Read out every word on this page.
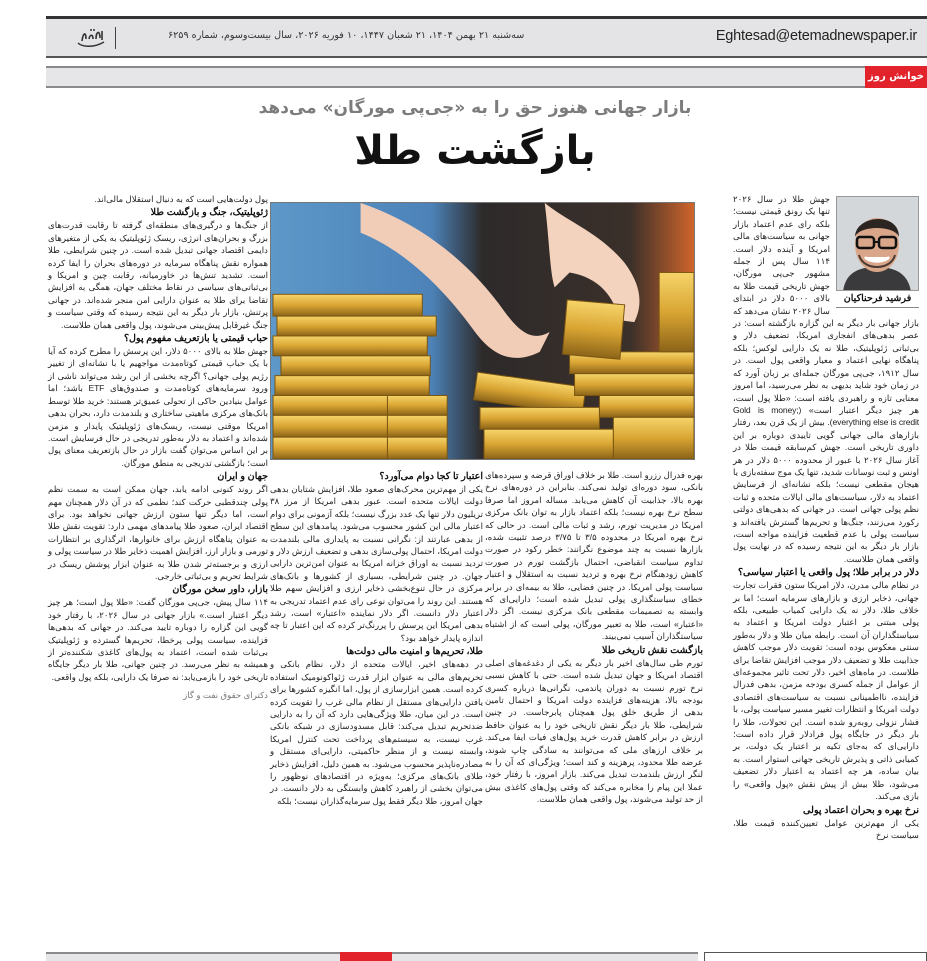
Eghtesad@etemadnewspaper.ir
سه‌شنبه ۲۱ بهمن ۱۴۰۴، ۲۱ شعبان ۱۴۴۷، ۱۰ فوریه ۲۰۲۶، سال بیست‌وسوم، شماره ۶۲۵۹
خوانش روز
بازار جهانی هنوز حق را به «جی‌پی مورگان» می‌دهد
بازگشت طلا
فرشید فرحناکیان

جهش طلا در سال ۲۰۲۶ تنها یک رونق قیمتی نیست؛ بلکه رای عدم اعتماد بازار جهانی به سیاست‌های مالی امریکا و آینده دلار است. ۱۱۴ سال پس از جمله مشهور جی‌پی مورگان، جهش تاریخی قیمت طلا به بالای ۵۰۰۰ دلار در ابتدای سال ۲۰۲۶ نشان می‌دهد که بازار جهانی بار دیگر به این گزاره بازگشته است: در عصر بدهی‌های انفجاری امریکا، تضعیف دلار و بی‌ثباتی ژئوپلیتیک، طلا نه یک دارایی لوکس؛ بلکه پناهگاه نهایی اعتماد و معیار واقعی پول است. در سال ۱۹۱۲، جی‌پی مورگان جمله‌ای بر زبان آورد که در زمان خود شاید بدیهی به نظر می‌رسید، اما امروز معنایی تازه و راهبردی یافته است: «طلا پول است، هر چیز دیگر اعتبار است» (Gold is money; everything else is credit). بیش از یک قرن بعد، رفتار بازارهای مالی جهانی گویی تاییدی دوباره بر این داوری تاریخی است. جهش کم‌سابقه قیمت طلا در آغاز سال ۲۰۲۶ با عبور از محدوده ۵۰۰۰ دلار در هر اونس و ثبت نوسانات شدید، تنها یک موج سفته‌بازی یا هیجان مقطعی نیست؛ بلکه نشانه‌ای از فرسایش اعتماد به دلار، سیاست‌های مالی ایالات متحده و ثبات نظم پولی جهانی است. در جهانی که بدهی‌های دولتی رکورد می‌زنند، جنگ‌ها و تحریم‌ها گسترش یافته‌اند و سیاست پولی با عدم قطعیت فزاینده مواجه است، بازار بار دیگر به این نتیجه رسیده که در نهایت پول واقعی همان طلاست.

دلار در برابر طلا؛ پول واقعی یا اعتبار سیاسی؟

در نظام مالی مدرن، دلار امریکا ستون فقرات تجارت جهانی، ذخایر ارزی و بازارهای سرمایه است؛ اما بر خلاف طلا، دلار نه یک دارایی کمیاب طبیعی، بلکه پولی مبتنی بر اعتبار دولت امریکا و اعتماد به سیاستگذاران آن است. رابطه میان طلا و دلار به‌طور سنتی معکوس بوده است: تقویت دلار موجب کاهش جذابیت طلا و تضعیف دلار موجب افزایش تقاضا برای طلاست. در ماه‌های اخیر، دلار تحت تاثیر مجموعه‌ای از عوامل از جمله کسری بودجه مزمن، بدهی فدرال فزاینده، نااطمینانی نسبت به سیاست‌های اقتصادی دولت امریکا و انتظارات تغییر مسیر سیاست پولی، با فشار نزولی روبه‌رو شده است. این تحولات، طلا را بار دیگر در جایگاه پول فرادلار قرار داده است؛ دارایی‌ای که به‌جای تکیه بر اعتبار یک دولت، بر کمیابی ذاتی و پذیرش تاریخی جهانی استوار است. به بیان ساده، هر چه اعتماد به اعتبار دلار تضعیف می‌شود، طلا بیش از پیش نقش «پول واقعی» را بازی می‌کند.

نرخ بهره و بحران اعتماد پولی

یکی از مهم‌ترین عوامل تعیین‌کننده قیمت طلا، سیاست نرخ

بهره فدرال رزرو است. طلا بر خلاف اوراق قرضه و سپرده‌های بانکی، سود دوره‌ای تولید نمی‌کند. بنابراین در دوره‌های نرخ بهره بالا، جذابیت آن کاهش می‌یابد. مساله امروز اما صرفا سطح نرخ بهره نیست؛ بلکه اعتماد بازار به توان بانک مرکزی امریکا در مدیریت تورم، رشد و ثبات مالی است. در حالی که نرخ بهره امریکا در محدوده ۳/۵ تا ۳/۷۵ درصد تثبیت شده، بازارها نسبت به چند موضوع نگرانند: خطر رکود در صورت تداوم سیاست انقباضی، احتمال بازگشت تورم در صورت کاهش زودهنگام نرخ بهره و تردید نسبت به استقلال و اعتبار سیاست پولی امریکا. در چنین فضایی، طلا به بیمه‌ای در برابر خطای سیاستگذاری پولی تبدیل شده است؛ دارایی‌ای که وابسته به تصمیمات مقطعی بانک مرکزی نیست. اگر دلار «اعتبار» است، طلا به تعبیر مورگان، پولی است که از اشتباه سیاستگذاران آسیب نمی‌بیند.

بازگشت نقش تاریخی طلا

تورم طی سال‌های اخیر بار دیگر به یکی از دغدغه‌های اصلی اقتصاد امریکا و جهان تبدیل شده است. حتی با کاهش نسبی نرخ تورم نسبت به دوران پاندمی، نگرانی‌ها درباره کسری بودجه بالا، هزینه‌های فزاینده دولت امریکا و احتمال تامین بدهی از طریق خلق پول همچنان پابرجاست. در چنین شرایطی، طلا بار دیگر نقش تاریخی خود را به عنوان حافظ ارزش در برابر کاهش قدرت خرید پول‌های فیات ایفا می‌کند. بر خلاف ارزهای ملی که می‌توانند به سادگی چاپ شوند، عرضه طلا محدود، پرهزینه و کند است؛ ویژگی‌ای که آن را به لنگر ارزش بلندمدت تبدیل می‌کند. بازار امروز، با رفتار خود، عملا این پیام را مخابره می‌کند که وقتی پول‌های کاغذی بیش از حد تولید می‌شوند، پول واقعی همان طلاست.

اعتبار تا کجا دوام می‌آورد؟

یکی از مهم‌ترین محرک‌های صعود طلا، افزایش شتابان بدهی دولت ایالات متحده است. عبور بدهی امریکا از مرز ۳۸ تریلیون دلار تنها یک عدد بزرگ نیست؛ بلکه آزمونی برای دوام اعتبار مالی این کشور محسوب می‌شود. پیامدهای این سطح از بدهی عبارتند از: نگرانی نسبت به پایداری مالی بلندمدت دولت امریکا، احتمال پولی‌سازی بدهی و تضعیف ارزش دلار و تردید نسبت به اوراق خزانه امریکا به عنوان امن‌ترین دارایی جهان. در چنین شرایطی، بسیاری از کشورها و بانک‌های مرکزی در حال تنوع‌بخشی ذخایر ارزی و افزایش سهم طلا هستند. این روند را می‌توان نوعی رای عدم اعتماد تدریجی به اعتبار دلار دانست. اگر دلار نماینده «اعتبار» است، رشد بدهی امریکا این پرسش را پررنگ‌تر کرده که این اعتبار تا چه اندازه پایدار خواهد بود؟

طلا، تحریم‌ها و امنیت مالی دولت‌ها

در دهه‌های اخیر، ایالات متحده از دلار، نظام بانکی و تحریم‌های مالی به عنوان ابزار قدرت ژئواکونومیک استفاده کرده است. همین ابزارسازی از پول، اما انگیزه کشورها برای یافتن دارایی‌های مستقل از نظام مالی غرب را تقویت کرده است. در این میان، طلا ویژگی‌هایی دارد که آن را به دارایی ضدتحریم تبدیل می‌کند: قابل مسدودسازی در شبکه بانکی غرب نیست، به سیستم‌های پرداخت تحت کنترل امریکا وابسته نیست و از منظر حاکمیتی، دارایی‌ای مستقل و مصادره‌ناپذیر محسوب می‌شود. به همین دلیل، افزایش ذخایر طلای بانک‌های مرکزی؛ به‌ویژه در اقتصادهای نوظهور را می‌توان بخشی از راهبرد کاهش وابستگی به دلار دانست. در جهان امروز، طلا دیگر فقط پول سرمایه‌گذاران نیست؛ بلکه

پول دولت‌هایی است که به دنبال استقلال مالی‌اند.

ژئوپلیتیک، جنگ و بازگشت طلا

از جنگ‌ها و درگیری‌های منطقه‌ای گرفته تا رقابت قدرت‌های بزرگ و بحران‌های انرژی، ریسک ژئوپلیتیک به یکی از متغیرهای دایمی اقتصاد جهانی تبدیل شده است. در چنین شرایطی، طلا همواره نقش پناهگاه سرمایه در دوره‌های بحران را ایفا کرده است. تشدید تنش‌ها در خاورمیانه، رقابت چین و امریکا و بی‌ثباتی‌های سیاسی در نقاط مختلف جهان، همگی به افزایش تقاضا برای طلا به عنوان دارایی امن منجر شده‌اند. در جهانی پرتنش، بازار بار دیگر به این نتیجه رسیده که وقتی سیاست و جنگ غیرقابل پیش‌بینی می‌شوند، پول واقعی همان طلاست.

حباب قیمتی یا بازتعریف مفهوم پول؟

جهش طلا به بالای ۵۰۰۰ دلار، این پرسش را مطرح کرده که آیا با یک حباب قیمتی کوتاه‌مدت مواجهیم یا با نشانه‌ای از تغییر رژیم پولی جهانی؟ اگرچه بخشی از این رشد می‌تواند ناشی از ورود سرمایه‌های کوتاه‌مدت و صندوق‌های ETF باشد؛ اما عوامل بنیادین حاکی از تحولی عمیق‌تر هستند: خرید طلا توسط بانک‌های مرکزی ماهیتی ساختاری و بلندمدت دارد، بحران بدهی امریکا موقتی نیست، ریسک‌های ژئوپلیتیک پایدار و مزمن شده‌اند و اعتماد به دلار به‌طور تدریجی در حال فرسایش است. بر این اساس می‌توان گفت بازار در حال بازتعریف معنای پول است؛ بازگشتی تدریجی به منطق مورگان.

جهان و ایران

اگر روند کنونی ادامه یابد، جهان ممکن است به سمت نظم پولی چندقطبی حرکت کند؛ نظمی که در آن دلار همچنان مهم است، اما دیگر تنها ستون ارزش جهانی نخواهد بود. برای اقتصاد ایران، صعود طلا پیامدهای مهمی دارد: تقویت نقش طلا به عنوان پناهگاه ارزش برای خانوارها، اثرگذاری بر انتظارات تورمی و بازار ارز، افزایش اهمیت ذخایر طلا در سیاست پولی و ارزی و برجسته‌تر شدن طلا به عنوان ابزار پوشش ریسک در شرایط تحریم و بی‌ثباتی خارجی.

بازار، داور سخن مورگان

۱۱۴ سال پیش، جی‌پی مورگان گفت: «طلا پول است؛ هر چیز دیگر اعتبار است.» بازار جهانی در سال ۲۰۲۶، با رفتار خود گویی این گزاره را دوباره تایید می‌کند. در جهانی که بدهی‌ها فزاینده، سیاست پولی پرخطا، تحریم‌ها گسترده و ژئوپلیتیک بی‌ثبات شده است، اعتماد به پول‌های کاغذی شکننده‌تر از همیشه به نظر می‌رسد. در چنین جهانی، طلا بار دیگر جایگاه تاریخی خود را بازمی‌یابد: نه صرفا یک دارایی، بلکه پول واقعی.

دکترای حقوق نفت و گاز
